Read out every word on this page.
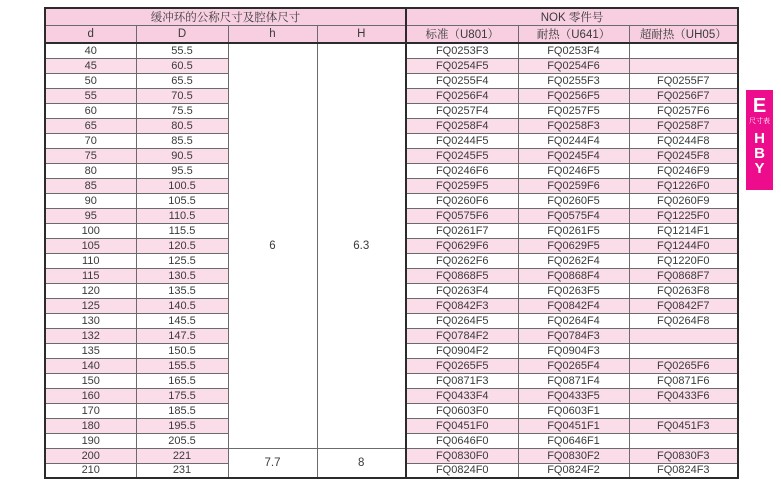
缓冲环的公称尺寸及腔体尺寸				NOK 零件号		
d	D	h	H	标准（U801）	耐热（U641）	超耐热（UH05）
40	55.5	6	6.3	FQ0253F3	FQ0253F4	
45	60.5			FQ0254F5	FQ0254F6	
50	65.5			FQ0255F4	FQ0255F3	FQ0255F7
55	70.5			FQ0256F4	FQ0256F5	FQ0256F7
60	75.5			FQ0257F4	FQ0257F5	FQ0257F6
65	80.5			FQ0258F4	FQ0258F3	FQ0258F7
70	85.5			FQ0244F5	FQ0244F4	FQ0244F8
75	90.5			FQ0245F5	FQ0245F4	FQ0245F8
80	95.5			FQ0246F6	FQ0246F5	FQ0246F9
85	100.5			FQ0259F5	FQ0259F6	FQ1226F0
90	105.5			FQ0260F6	FQ0260F5	FQ0260F9
95	110.5			FQ0575F6	FQ0575F4	FQ1225F0
100	115.5			FQ0261F7	FQ0261F5	FQ1214F1
105	120.5			FQ0629F6	FQ0629F5	FQ1244F0
110	125.5			FQ0262F6	FQ0262F4	FQ1220F0
115	130.5			FQ0868F5	FQ0868F4	FQ0868F7
120	135.5			FQ0263F4	FQ0263F5	FQ0263F8
125	140.5			FQ0842F3	FQ0842F4	FQ0842F7
130	145.5			FQ0264F5	FQ0264F4	FQ0264F8
132	147.5			FQ0784F2	FQ0784F3	
135	150.5			FQ0904F2	FQ0904F3	
140	155.5			FQ0265F5	FQ0265F4	FQ0265F6
150	165.5			FQ0871F3	FQ0871F4	FQ0871F6
160	175.5			FQ0433F4	FQ0433F5	FQ0433F6
170	185.5			FQ0603F0	FQ0603F1	
180	195.5			FQ0451F0	FQ0451F1	FQ0451F3
190	205.5			FQ0646F0	FQ0646F1	
200	221	7.7	8	FQ0830F0	FQ0830F2	FQ0830F3
210	231			FQ0824F0	FQ0824F2	FQ0824F3
E
尺寸表
H
B
Y
